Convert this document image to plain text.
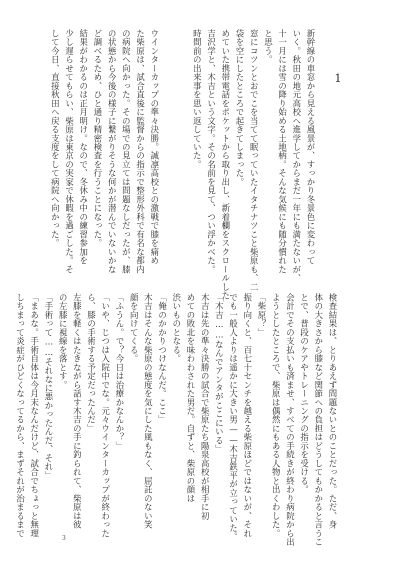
1
新幹線の車窓から見える風景が、すっかり冬景色に変わって
いく。秋田の地元高校へ進学してからまだ一年にも満たないが、
十一月には雪の降り始める土地柄。そんな気候にも随分慣れた
と思う。
窓にコツンとおでこを当てて眠っていたイタチナツこと柴原も、二
袋を空にしたところで起きてしまった。
めていた携帯電話をポケットから取り出し、新着欄をスクロールした
吉沢学と、木吉という文字。その名前を見て、つい浮かべた。
時間前の出来事を思い返していた。

ウインターカップの準々決勝。誠凛高校との激戦で膝を痛め
た柴原は、試合直後に監督からの指示で整形外科で有名な都内
の病院へ向かった。その場での見立ては問題なしだったが、膝
の状態から今後の様子に繋がりそうな何かが潜んでいないかな
ど調べるため、ひと通り精密検査を行うことになった。
結果がわかるのは正月明け。なので、冬休み中の練習参加を
少し遅らせてもらい、柴原は東京の実家で休暇を過ごした。そ
して今日、直接秋田へ戻る支度をして病院へ向かった。
検査結果は、とりあえず問題ないとのことだった。ただ、身
体の大きさから膝など関節への負担はどうしてもかかると言うこ
とで、普段のケアやトレーニングの指示を受ける。
会計でその支払いも済ませ、すべての手続きが終わり病院から出
ようとしたところで、柴原は偶然にもある人物と出くわした。
「柴原？」
振り向くと、百七十センチを越える柴原ほどではないが、それ
でも一般人よりは遥かに大きい男——木吉鉄平が立っていた。
「木吉……なんでアンタがここにいる」
木吉は先の準々決勝の試合で柴原たち陽泉高校が相手に初
めての敗北を味わわされた男だ。自ずと、柴原の顔は
渋いものとなる。
「俺のかかりつけなんだ。ここ」
木吉はそんな柴原の態度を気にした風もなく、屈託のない笑
顔を向けてくる。
「ふうん。で？今日は治療かなんか？」
「いや、じつは入院中でな。元々ウインターカップが終わった
ら、膝の手術する予定だったんだ」
左膝を軽くはたきながら話す木吉の手に釣られて、柴原は彼
の左膝に視線を落とす。
「手術って……それなに悪かったんだ、それ」
「まあな。手術自体は今月末なんだけど、試合でちょっと無理
しちまって炎症がひどくなってるから、まずそれが治まるまで
3
